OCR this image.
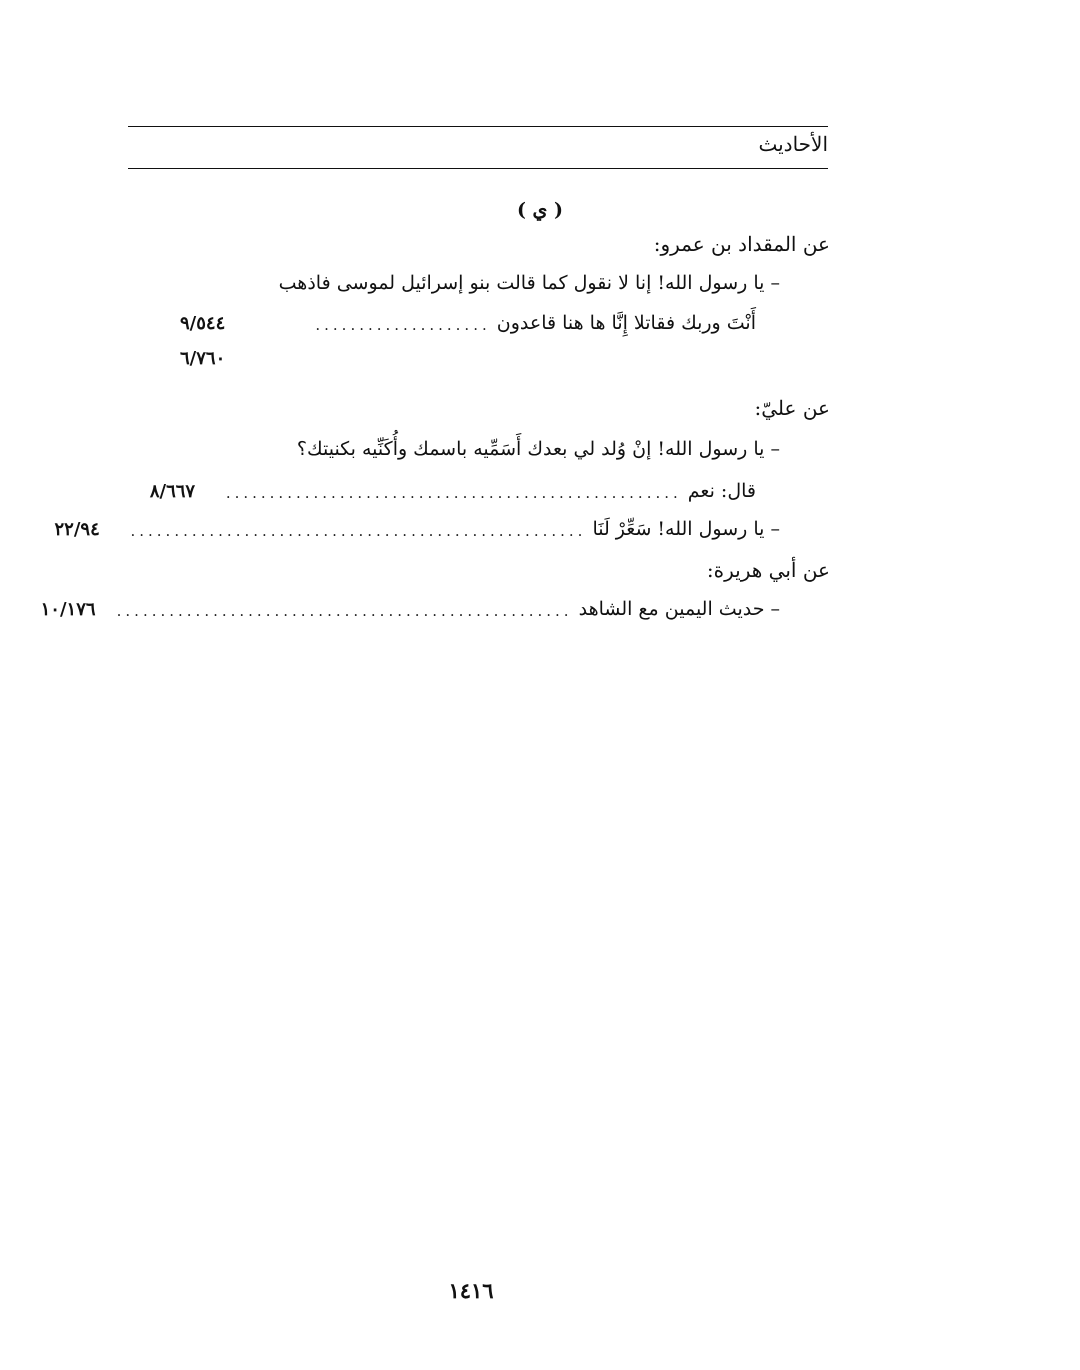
الأحاديث
( ي )
عن المقداد بن عمرو:
– يا رسول الله! إنا لا نقول كما قالت بنو إسرائيل لموسى فاذهب
أَنْتَ وربك فقاتلا إِنَّا ها هنا قاعدون
....................
٩/٥٤٤
٦/٧٦٠
عن عليّ:
– يا رسول الله! إنْ وُلد لي بعدك أَسَمِّيه باسمك وأُكَنِّيه بكنيتك؟
قال: نعم
....................................................
٨/٦٦٧
– يا رسول الله! سَعِّرْ لَنَا
....................................................
٢٢/٩٤
عن أبي هريرة:
– حديث اليمين مع الشاهد
....................................................
١٠/١٧٦
١٤١٦
